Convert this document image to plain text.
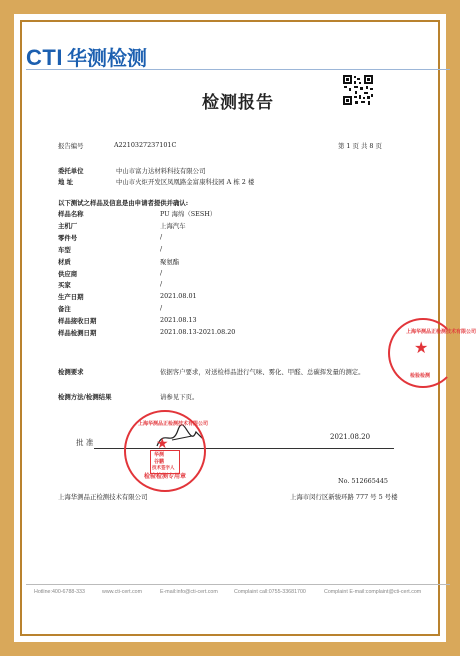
CTI 华测检测
检测报告
报告编号	A2210327237101C	第 1 页 共 8 页
委托单位	中山市富力达材料科技有限公司
地 址	中山市火炬开发区凤凰路金富康科技园 A 栋 2 楼
以下测试之样品及信息是由申请者提供并确认:
样品名称	PU 海绵（SESH）
主机厂	上海汽车
零件号	/
车型	/
材质	聚氨酯
供应商	/
买家	/
生产日期	2021.08.01
备注	/
样品接收日期	2021.08.13
样品检测日期	2021.08.13-2021.08.20
检测要求	依据客户要求，对送检样品进行气味、雾化、甲醛、总碳挥发量的测定。
检测方法/检测结果	请参见下页。
批 准
2021.08.20
上海华测品正检测技术有限公司
★
检验检测专用章
华测
谷鹏
技术签字人
上海华测品正检测技术有限公司
★
检验检测
No. 512665445
上海华测品正检测技术有限公司	上海市闵行区新骏环路 777 号 5 号楼
Hotline:400-6788-333	www.cti-cert.com	E-mail:info@cti-cert.com	Complaint call:0755-33681700	Complaint E-mail:complaint@cti-cert.com
